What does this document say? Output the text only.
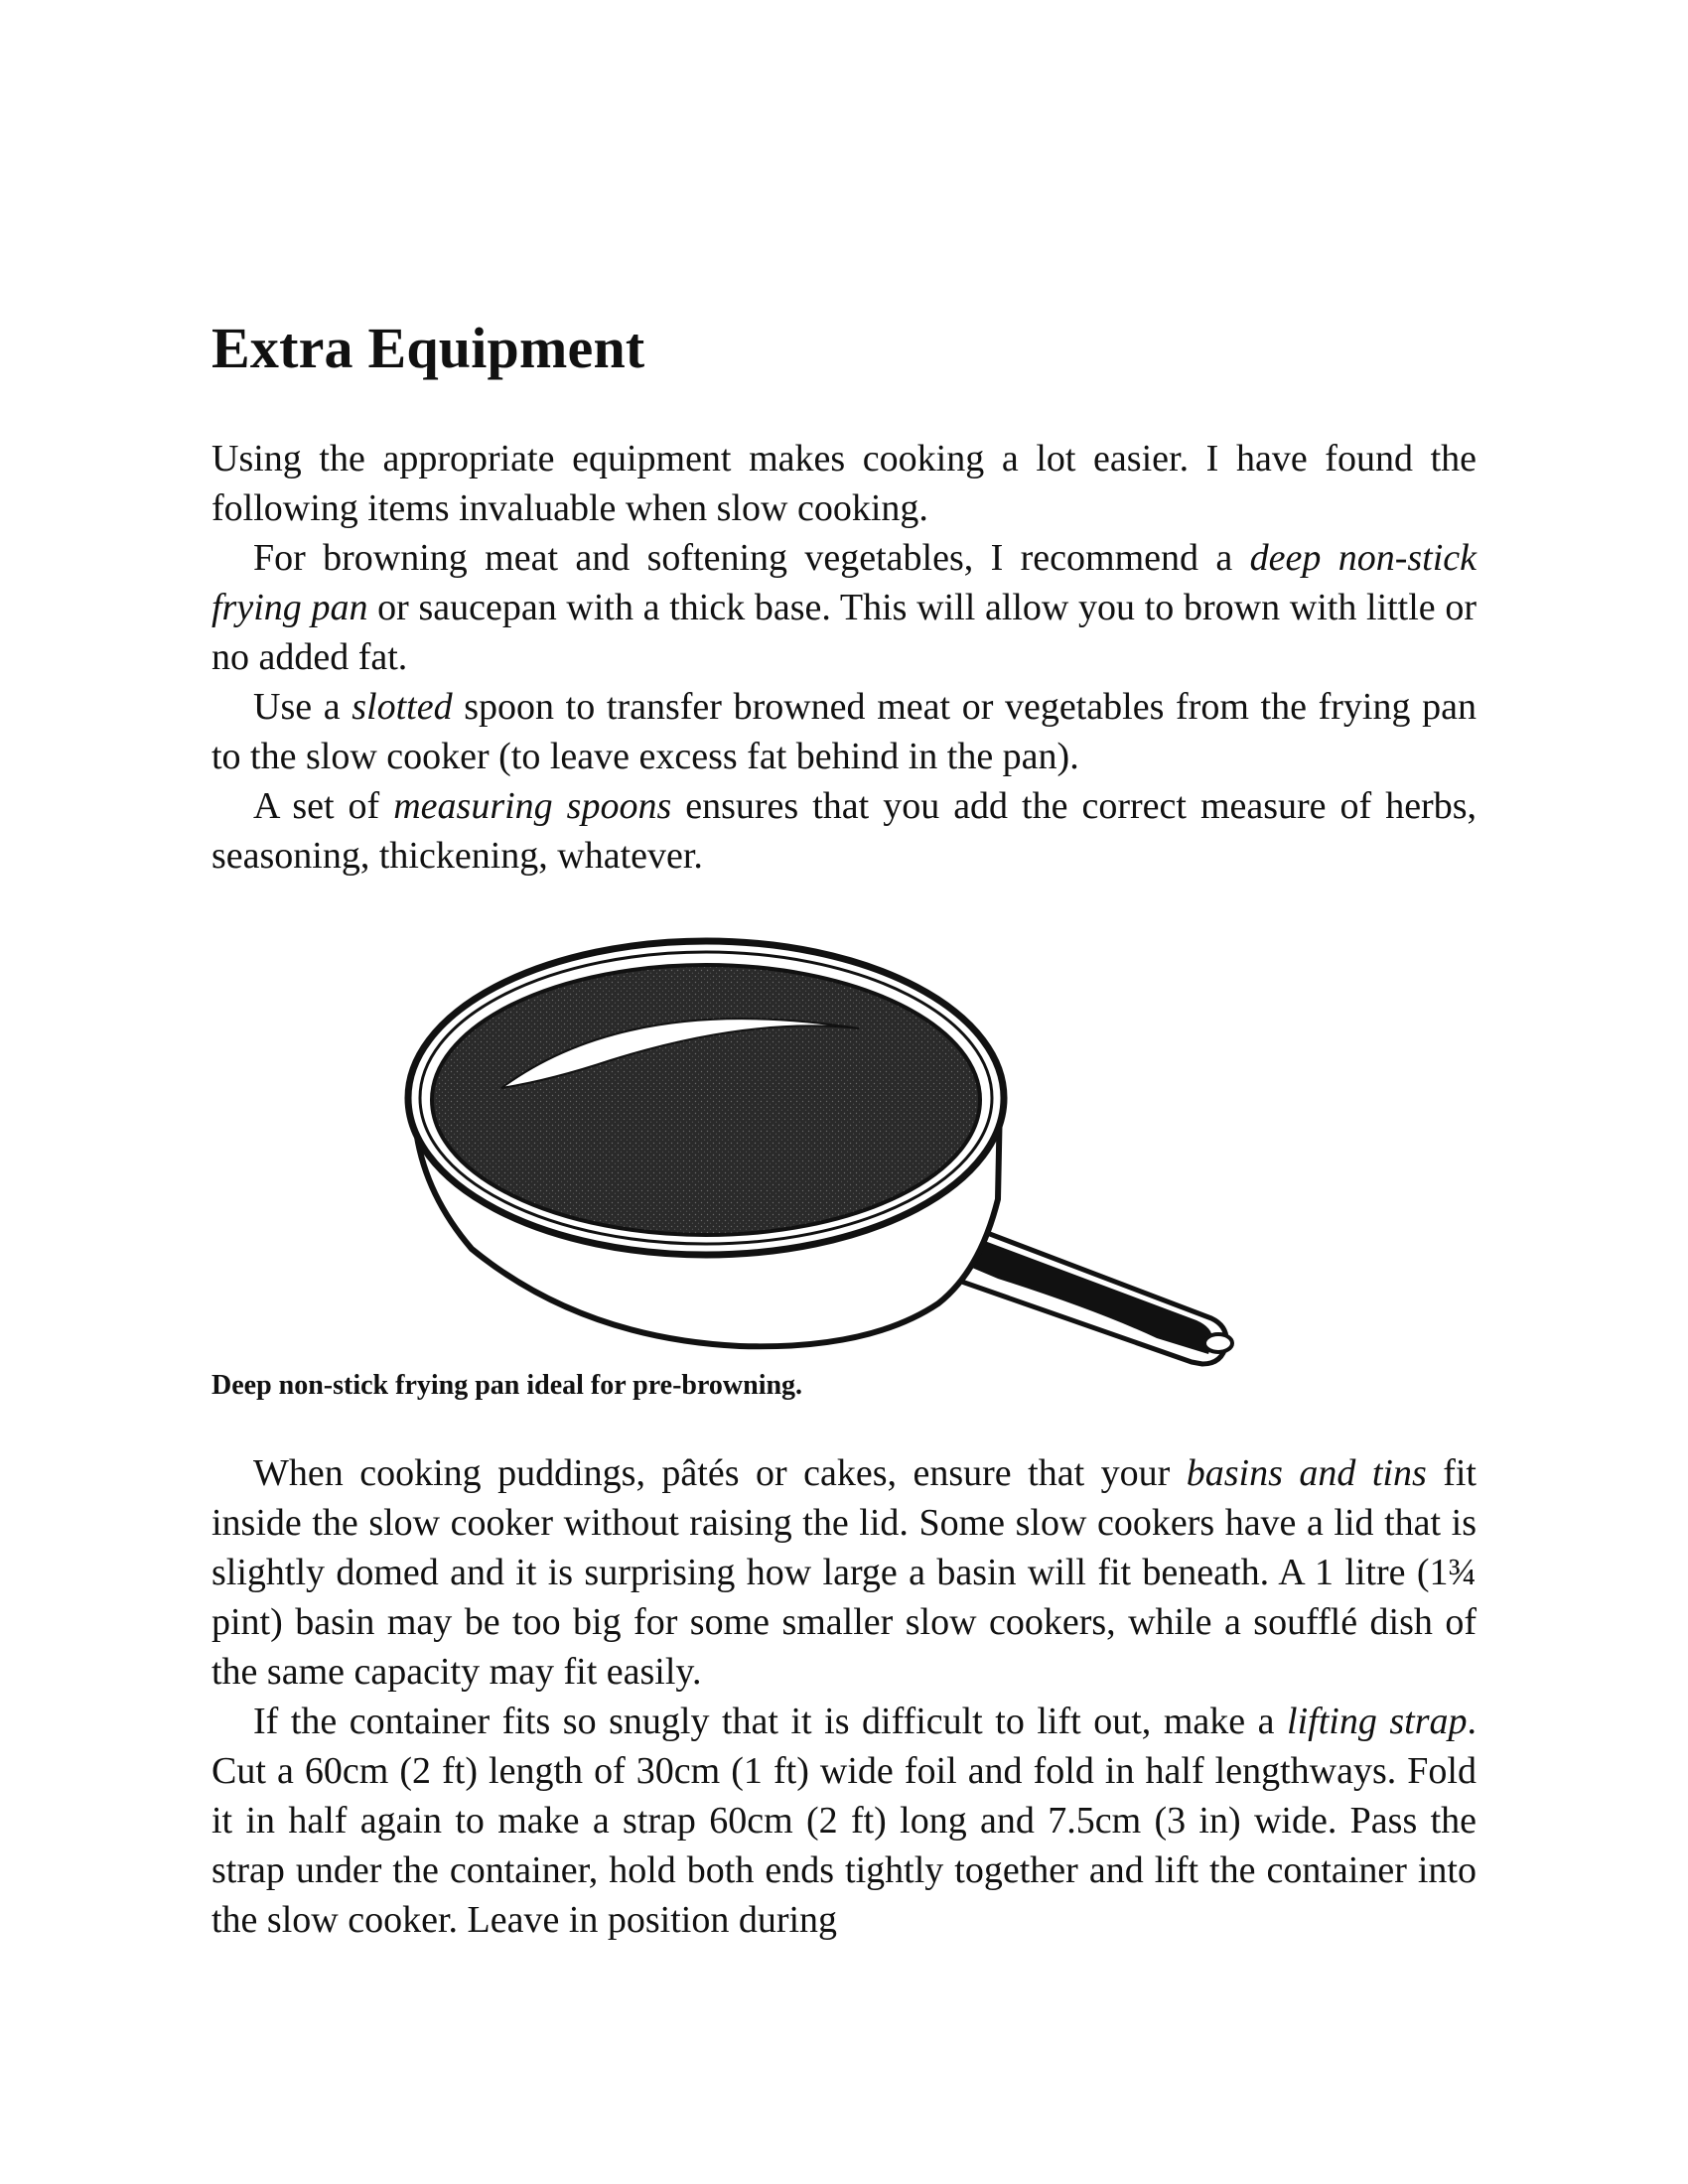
Extra Equipment

Using the appropriate equipment makes cooking a lot easier. I have found the following items invaluable when slow cooking.

For browning meat and softening vegetables, I recommend a deep non-stick frying pan or saucepan with a thick base. This will allow you to brown with little or no added fat.

Use a slotted spoon to transfer browned meat or vegetables from the frying pan to the slow cooker (to leave excess fat behind in the pan).

A set of measuring spoons ensures that you add the correct measure of herbs, seasoning, thickening, whatever.

Deep non-stick frying pan ideal for pre-browning.

When cooking puddings, pâtés or cakes, ensure that your basins and tins fit inside the slow cooker without raising the lid. Some slow cookers have a lid that is slightly domed and it is surprising how large a basin will fit beneath. A 1 litre (1¾ pint) basin may be too big for some smaller slow cookers, while a soufflé dish of the same capacity may fit easily.

If the container fits so snugly that it is difficult to lift out, make a lifting strap. Cut a 60cm (2 ft) length of 30cm (1 ft) wide foil and fold in half lengthways. Fold it in half again to make a strap 60cm (2 ft) long and 7.5cm (3 in) wide. Pass the strap under the container, hold both ends tightly together and lift the container into the slow cooker. Leave in position during
